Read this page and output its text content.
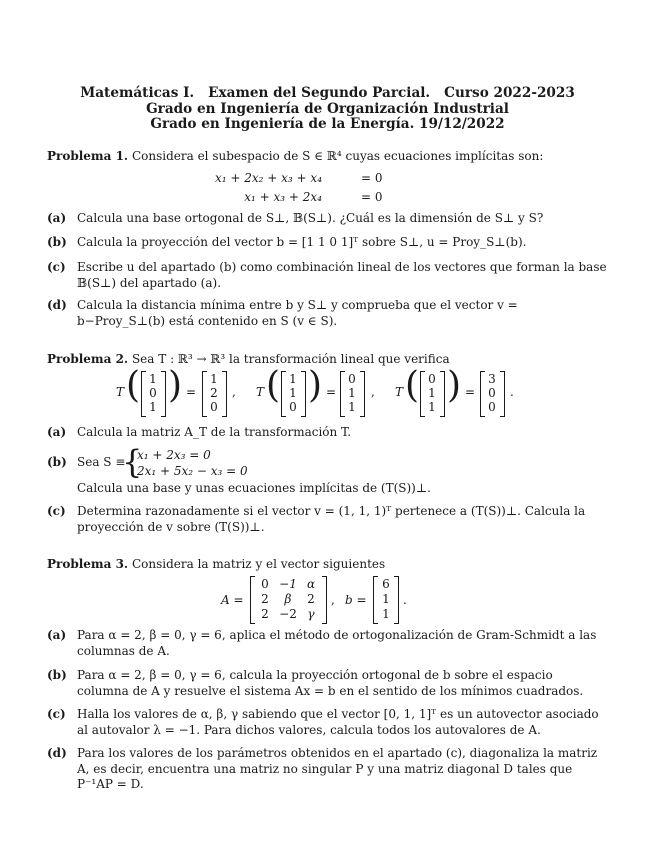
Matemáticas I. Examen del Segundo Parcial. Curso 2022-2023
Grado en Ingeniería de Organización Industrial
Grado en Ingeniería de la Energía. 19/12/2022
Problema 1. Considera el subespacio de S ∈ ℝ⁴ cuyas ecuaciones implícitas son:
x₁ + 2x₂ + x₃ + x₄	= 0
x₁ + x₃ + 2x₄	= 0
(a) Calcula una base ortogonal de S⊥, 𝔹(S⊥). ¿Cuál es la dimensión de S⊥ y S?
(b) Calcula la proyección del vector b = [1 1 0 1]ᵀ sobre S⊥, u = Proy_S⊥(b).
(c) Escribe u del apartado (b) como combinación lineal de los vectores que forman la base 𝔹(S⊥) del apartado (a).
(d) Calcula la distancia mínima entre b y S⊥ y comprueba que el vector v = b−Proy_S⊥(b) está contenido en S (v ∈ S).
Problema 2. Sea T : ℝ³ → ℝ³ la transformación lineal que verifica
T ( 1
0
1
) =
1
2
0
, T ( 1
1
0
) =
0
1
1
, T ( 0
1
1
) =
3
0
0
.
(a) Calcula la matriz A_T de la transformación T.
(b) Sea S ≡
{
x₁ + 2x₃ = 0
2x₁ + 5x₂ − x₃ = 0
Calcula una base y unas ecuaciones implícitas de (T(S))⊥.
(c) Determina razonadamente si el vector v = (1, 1, 1)ᵀ pertenece a (T(S))⊥. Calcula la proyección de v sobre (T(S))⊥.
Problema 3. Considera la matriz y el vector siguientes
A =
0 −1 α
2	β	2
2 −2 γ
, b =
6
1
1
.
(a) Para α = 2, β = 0, γ = 6, aplica el método de ortogonalización de Gram-Schmidt a las columnas de A.
(b) Para α = 2, β = 0, γ = 6, calcula la proyección ortogonal de b sobre el espacio columna de A y resuelve el sistema Ax = b en el sentido de los mínimos cuadrados.
(c) Halla los valores de α, β, γ sabiendo que el vector [0, 1, 1]ᵀ es un autovector asociado al autovalor λ = −1. Para dichos valores, calcula todos los autovalores de A.
(d) Para los valores de los parámetros obtenidos en el apartado (c), diagonaliza la matriz A, es decir, encuentra una matriz no singular P y una matriz diagonal D tales que P⁻¹AP = D.
